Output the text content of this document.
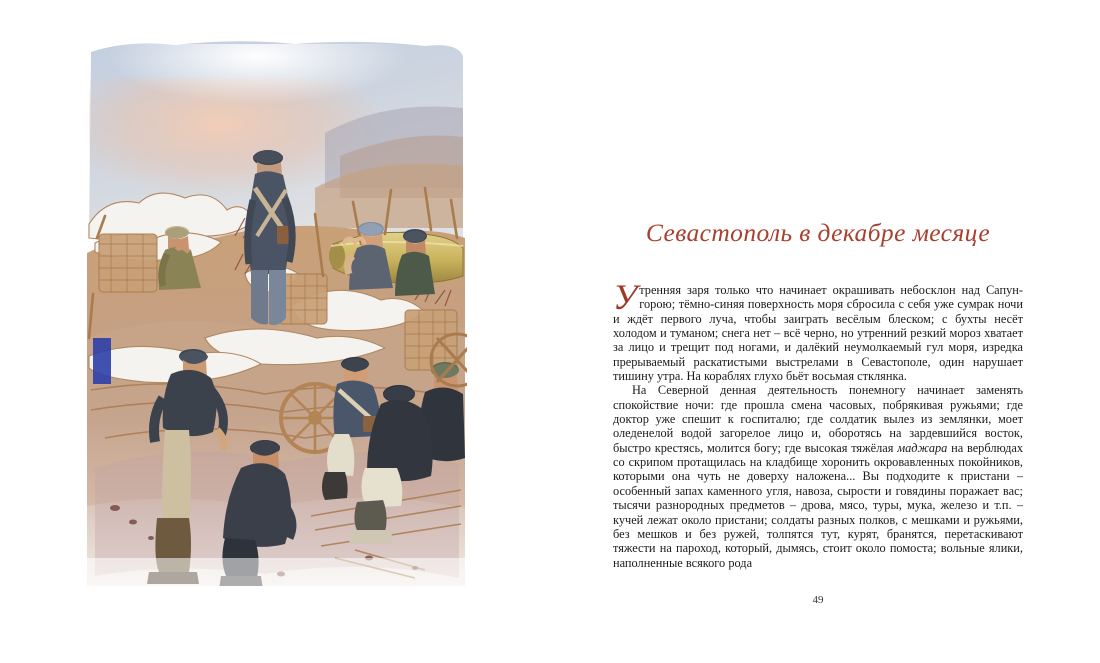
Севастополь в декабре месяце

Утренняя заря только что начинает окрашивать небосклон над Сапун-горою; тёмно-синяя поверхность моря сбросила с себя уже сумрак ночи и ждёт первого луча, чтобы заиграть весёлым блеском; с бухты несёт холодом и туманом; снега нет – всё черно, но утренний резкий мороз хватает за лицо и трещит под ногами, и далёкий неумолкаемый гул моря, изредка прерываемый раскатистыми выстрелами в Севастополе, один нарушает тишину утра. На кораблях глухо бьёт восьмая стклянка.

На Северной денная деятельность понемногу начинает заменять спокойствие ночи: где прошла смена часовых, побрякивая ружьями; где доктор уже спешит к госпиталю; где солдатик вылез из землянки, моет оледенелой водой загорелое лицо и, оборотясь на зардевшийся восток, быстро крестясь, молится богу; где высокая тяжёлая маджара на верблюдах со скрипом протащилась на кладбище хоронить окровавленных покойников, которыми она чуть не доверху наложена... Вы подходите к пристани – особенный запах каменного угля, навоза, сырости и говядины поражает вас; тысячи разнородных предметов – дрова, мясо, туры, мука, железо и т.п. – кучей лежат около пристани; солдаты разных полков, с мешками и ружьями, без мешков и без ружей, толпятся тут, курят, бранятся, перетаскивают тяжести на пароход, который, дымясь, стоит около помоста; вольные ялики, наполненные всякого рода

49
